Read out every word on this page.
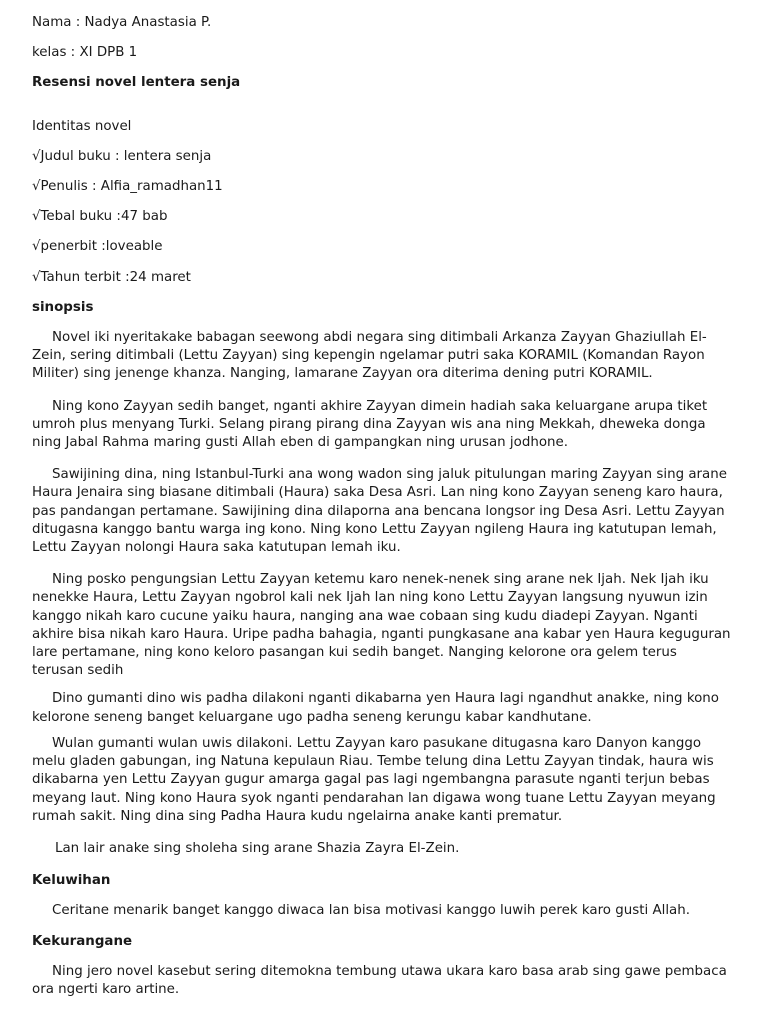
Nama : Nadya Anastasia P.

kelas : XI DPB 1

Resensi novel lentera senja

Identitas novel

√Judul buku : lentera senja

√Penulis : Alfia_ramadhan11

√Tebal buku :47 bab

√penerbit :loveable

√Tahun terbit :24 maret

sinopsis

Novel iki nyeritakake babagan seewong abdi negara sing ditimbali Arkanza Zayyan Ghaziullah El-Zein, sering ditimbali (Lettu Zayyan) sing kepengin ngelamar putri saka KORAMIL (Komandan Rayon Militer) sing jenenge khanza. Nanging, lamarane Zayyan ora diterima dening putri KORAMIL.

Ning kono Zayyan sedih banget, nganti akhire Zayyan dimein hadiah saka keluargane arupa tiket umroh plus menyang Turki. Selang pirang pirang dina Zayyan wis ana ning Mekkah, dheweka donga ning Jabal Rahma maring gusti Allah eben di gampangkan ning urusan jodhone.

Sawijining dina, ning Istanbul-Turki ana wong wadon sing jaluk pitulungan maring Zayyan sing arane Haura Jenaira sing biasane ditimbali (Haura) saka Desa Asri. Lan ning kono Zayyan seneng karo haura, pas pandangan pertamane. Sawijining dina dilaporna ana bencana longsor ing Desa Asri. Lettu Zayyan ditugasna kanggo bantu warga ing kono. Ning kono Lettu Zayyan ngileng Haura ing katutupan lemah, Lettu Zayyan nolongi Haura saka katutupan lemah iku.

Ning posko pengungsian Lettu Zayyan ketemu karo nenek-nenek sing arane nek Ijah. Nek Ijah iku nenekke Haura, Lettu Zayyan ngobrol kali nek Ijah lan ning kono Lettu Zayyan langsung nyuwun izin kanggo nikah karo cucune yaiku haura, nanging ana wae cobaan sing kudu diadepi Zayyan. Nganti akhire bisa nikah karo Haura. Uripe padha bahagia, nganti pungkasane ana kabar yen Haura keguguran lare pertamane, ning kono keloro pasangan kui sedih banget. Nanging kelorone ora gelem terus terusan sedih

Dino gumanti dino wis padha dilakoni nganti dikabarna yen Haura lagi ngandhut anakke, ning kono kelorone seneng banget keluargane ugo padha seneng kerungu kabar kandhutane.

Wulan gumanti wulan uwis dilakoni. Lettu Zayyan karo pasukane ditugasna karo Danyon kanggo melu gladen gabungan, ing Natuna kepulaun Riau. Tembe telung dina Lettu Zayyan tindak, haura wis dikabarna yen Lettu Zayyan gugur amarga gagal pas lagi ngembangna parasute nganti terjun bebas meyang laut. Ning kono Haura syok nganti pendarahan lan digawa wong tuane Lettu Zayyan meyang rumah sakit. Ning dina sing Padha Haura kudu ngelairna anake kanti prematur.

Lan lair anake sing sholeha sing arane Shazia Zayra El-Zein.

Keluwihan

Ceritane menarik banget kanggo diwaca lan bisa motivasi kanggo luwih perek karo gusti Allah.

Kekurangane

Ning jero novel kasebut sering ditemokna tembung utawa ukara karo basa arab sing gawe pembaca ora ngerti karo artine.
